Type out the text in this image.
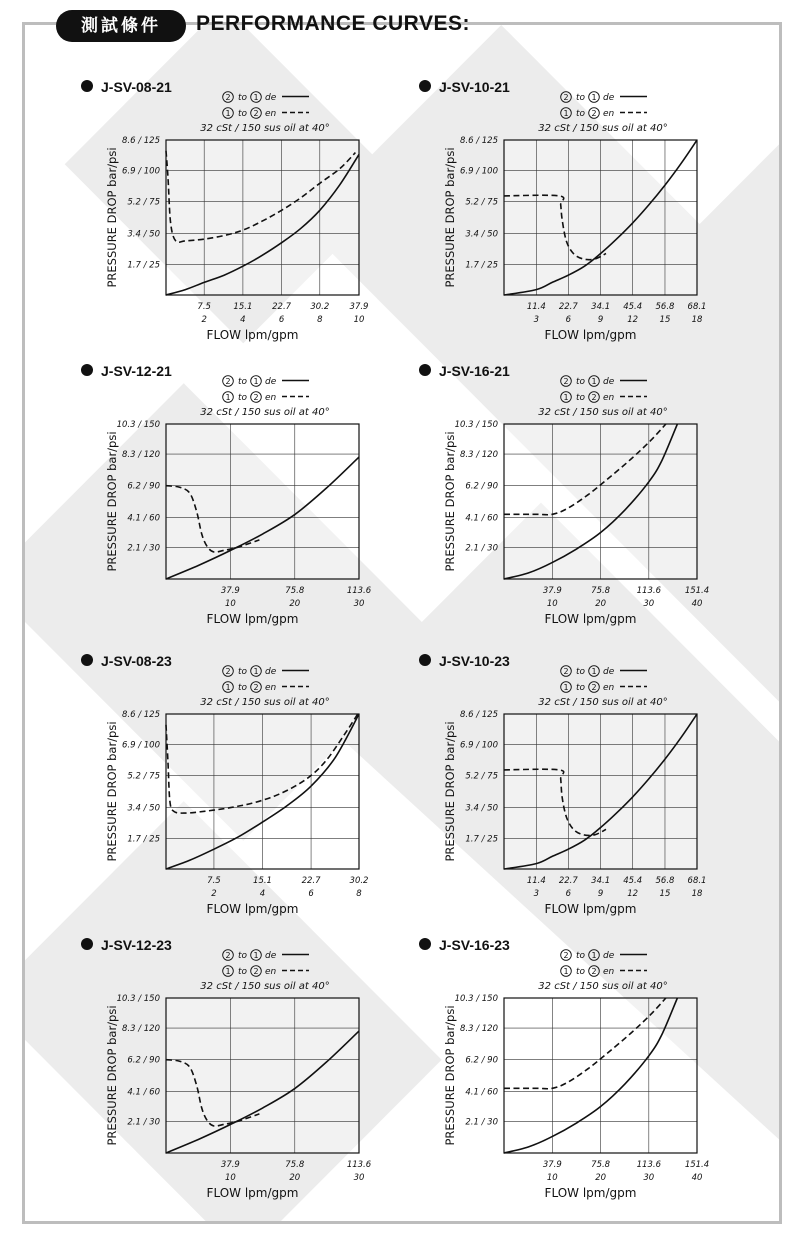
測試條件	PERFORMANCE CURVES:
J-SV-08-21
2 to 1 de
1 to 2 en
32 cSt / 150 sus oil at 40°
1.7 / 25
3.4 / 50
5.2 / 75
6.9 / 100
8.6 / 125
7.5
2
15.1
4
22.7
6
30.2
8
37.9
10
PRESSURE DROP bar/psi
FLOW lpm/gpm
J-SV-10-21
2 to 1 de
1 to 2 en
32 cSt / 150 sus oil at 40°
1.7 / 25
3.4 / 50
5.2 / 75
6.9 / 100
8.6 / 125
11.4
3
22.7
6
34.1
9
45.4
12
56.8
15
68.1
18
PRESSURE DROP bar/psi
FLOW lpm/gpm
J-SV-12-21
2 to 1 de
1 to 2 en
32 cSt / 150 sus oil at 40°
2.1 / 30
4.1 / 60
6.2 / 90
8.3 / 120
10.3 / 150
37.9
10
75.8
20
113.6
30
PRESSURE DROP bar/psi
FLOW lpm/gpm
J-SV-16-21
2 to 1 de
1 to 2 en
32 cSt / 150 sus oil at 40°
2.1 / 30
4.1 / 60
6.2 / 90
8.3 / 120
10.3 / 150
37.9
10
75.8
20
113.6
30
151.4
40
PRESSURE DROP bar/psi
FLOW lpm/gpm
J-SV-08-23
2 to 1 de
1 to 2 en
32 cSt / 150 sus oil at 40°
1.7 / 25
3.4 / 50
5.2 / 75
6.9 / 100
8.6 / 125
7.5
2
15.1
4
22.7
6
30.2
8
PRESSURE DROP bar/psi
FLOW lpm/gpm
J-SV-10-23
2 to 1 de
1 to 2 en
32 cSt / 150 sus oil at 40°
1.7 / 25
3.4 / 50
5.2 / 75
6.9 / 100
8.6 / 125
11.4
3
22.7
6
34.1
9
45.4
12
56.8
15
68.1
18
PRESSURE DROP bar/psi
FLOW lpm/gpm
J-SV-12-23
2 to 1 de
1 to 2 en
32 cSt / 150 sus oil at 40°
2.1 / 30
4.1 / 60
6.2 / 90
8.3 / 120
10.3 / 150
37.9
10
75.8
20
113.6
30
PRESSURE DROP bar/psi
FLOW lpm/gpm
J-SV-16-23
2 to 1 de
1 to 2 en
32 cSt / 150 sus oil at 40°
2.1 / 30
4.1 / 60
6.2 / 90
8.3 / 120
10.3 / 150
37.9
10
75.8
20
113.6
30
151.4
40
PRESSURE DROP bar/psi
FLOW lpm/gpm
